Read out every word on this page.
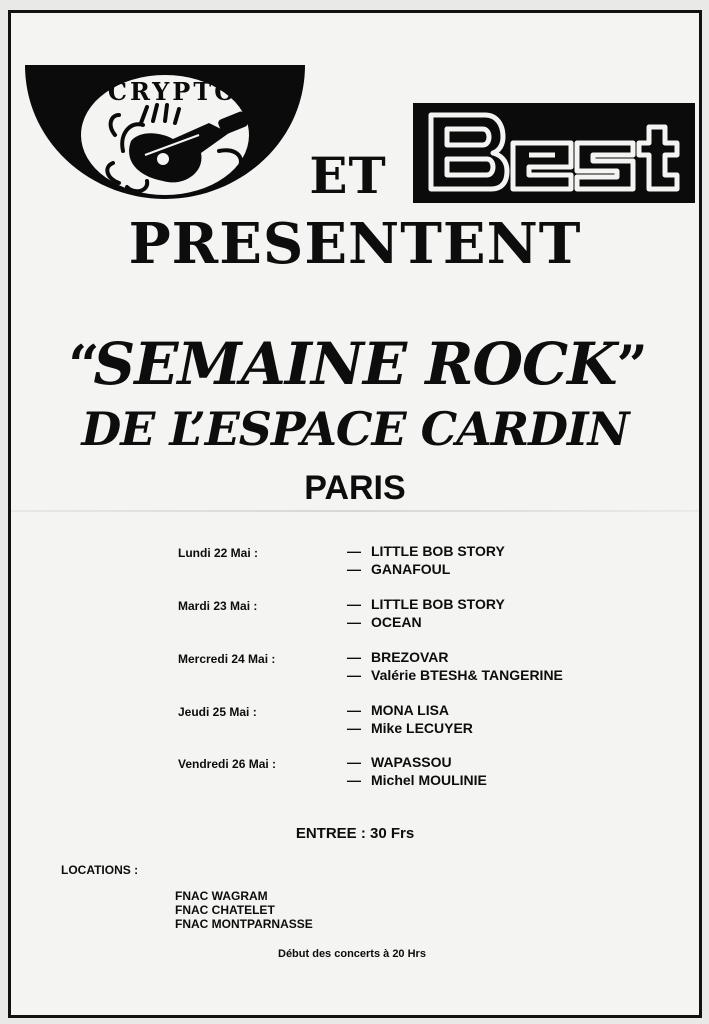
CRYPTO
ET
PRESENTENT
“SEMAINE ROCK”
DE L’ESPACE CARDIN
PARIS
Lundi 22 Mai :	— LITTLE BOB STORY
— GANAFOUL
Mardi 23 Mai :	— LITTLE BOB STORY
— OCEAN
Mercredi 24 Mai :	— BREZOVAR
— Valérie BTESH& TANGERINE
Jeudi 25 Mai :	— MONA LISA
— Mike LECUYER
Vendredi 26 Mai :	— WAPASSOU
— Michel MOULINIE
ENTREE : 30 Frs
LOCATIONS :
FNAC WAGRAM
FNAC CHATELET
FNAC MONTPARNASSE
Début des concerts à 20 Hrs
